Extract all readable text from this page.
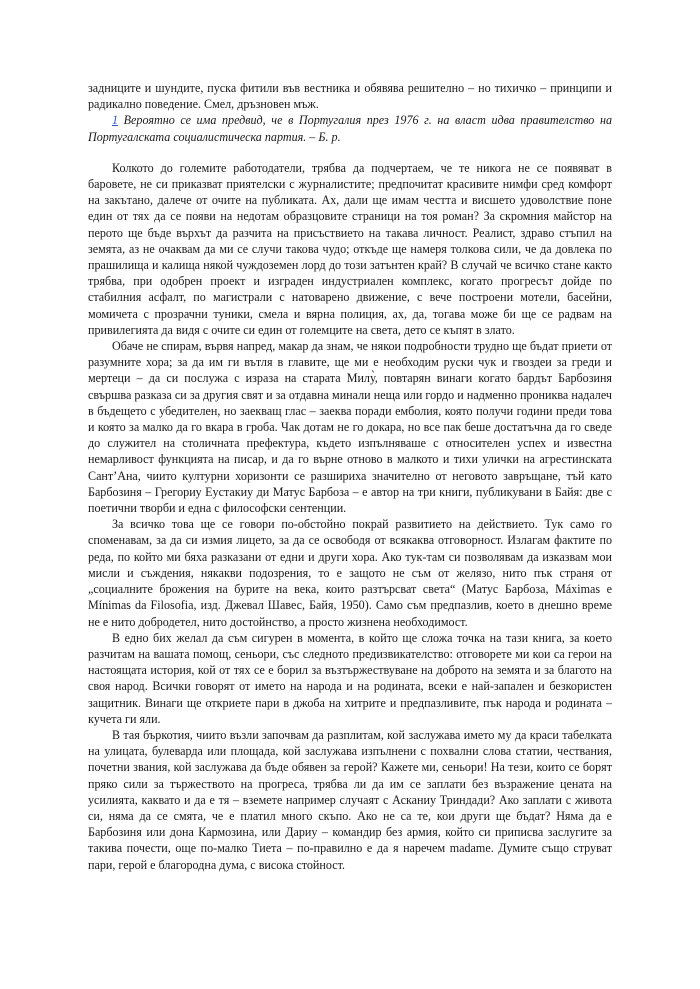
задниците и шундите, пуска фитили във вестника и обявява решително – но тихичко – принципи и радикално поведение. Смел, дръзновен мъж.

1 Вероятно се има предвид, че в Португалия през 1976 г. на власт идва правителство на Португалската социалистическа партия. – Б. р.

Колкото до големите работодатели, трябва да подчертаем, че те никога не се появяват в баровете, не си приказват приятелски с журналистите; предпочитат красивите нимфи сред комфорт на закътано, далече от очите на публиката. Ах, дали ще имам честта и висшето удоволствие поне един от тях да се появи на недотам образцовите страници на тоя роман? За скромния майстор на перото ще бъде върхът да разчита на присъствието на такава личност. Реалист, здраво стъпил на земята, аз не очаквам да ми се случи такова чудо; откъде ще намеря толкова сили, че да довлека по прашилища и калища някой чуждоземен лорд до този затънтен край? В случай че всичко стане както трябва, при одобрен проект и изграден индустриален комплекс, когато прогресът дойде по стабилния асфалт, по магистрали с натоварено движение, с вече построени мотели, басейни, момичета с прозрачни туники, смела и вярна полиция, ах, да, тогава може би ще се радвам на привилегията да видя с очите си един от големците на света, дето се къпят в злато.

Обаче не спирам, вървя напред, макар да знам, че някои подробности трудно ще бъдат приети от разумните хора; за да им ги вътля в главите, ще ми е необходим руски чук и гвоздеи за греди и мертеци – да си послужа с израза на старата Милу̀, повтарян винаги когато бардът Барбозиня свършва разказа си за другия свят и за отдавна минали неща или гордо и надменно прониква надалеч в бъдещето с убедителен, но заекващ глас – заеква поради емболия, която получи години преди това и която за малко да го вкара в гроба. Чак дотам не го докара, но все пак беше достатъчна да го сведе до служител на столичната префектура, където изпълняваше с относителен успех и известна немарливост функцията на писар, и да го върне отново в малкото и тихи улички на агрестинската Сант’Ана, чиито културни хоризонти се разшириха значително от неговото завръщане, тъй като Барбозиня – Грегориу Еустакиу ди Матус Барбоза – е автор на три книги, публикувани в Байя: две с поетични творби и една с философски сентенции.

За всичко това ще се говори по-обстойно покрай развитието на действието. Тук само го споменавам, за да си измия лицето, за да се освободя от всякаква отговорност. Излагам фактите по реда, по който ми бяха разказани от едни и други хора. Ако тук-там си позволявам да изказвам мои мисли и съждения, някакви подозрения, то е защото не съм от желязо, нито пък страня от „социалните брожения на бурите на века, които разтърсват света“ (Матус Барбоза, Máximas e Mínimas da Filosofia, изд. Джевал Шавес, Байя, 1950). Само съм предпазлив, което в днешно време не е нито добродетел, нито достойнство, а просто жизнена необходимост.

В едно бих желал да съм сигурен в момента, в който ще сложа точка на тази книга, за което разчитам на вашата помощ, сеньори, със следното предизвикателство: отговорете ми кои са герои на настоящата история, кой от тях се е борил за възтържествуване на доброто на земята и за благото на своя народ. Всички говорят от името на народа и на родината, всеки е най-запален и безкористен защитник. Винаги ще откриете пари в джоба на хитрите и предпазливите, пък народа и родината – кучета ги яли.

В тая бъркотия, чиито възли започвам да разплитам, кой заслужава името му да краси табелката на улицата, булеварда или площада, кой заслужава изпълнени с похвални слова статии, чествания, почетни звания, кой заслужава да бъде обявен за герой? Кажете ми, сеньори! На тези, които се борят пряко сили за тържеството на прогреса, трябва ли да им се заплати без възражение цената на усилията, каквато и да е тя – вземете например случаят с Асканиу Триндади? Ако заплати с живота си, няма да се смята, че е платил много скъпо. Ако не са те, кои други ще бъдат? Няма да е Барбозиня или дона Кармозина, или Дариу – командир без армия, който си приписва заслугите за такива почести, още по-малко Тиета – по-правилно е да я наречем madame. Думите също струват пари, герой е благородна дума, с висока стойност.
